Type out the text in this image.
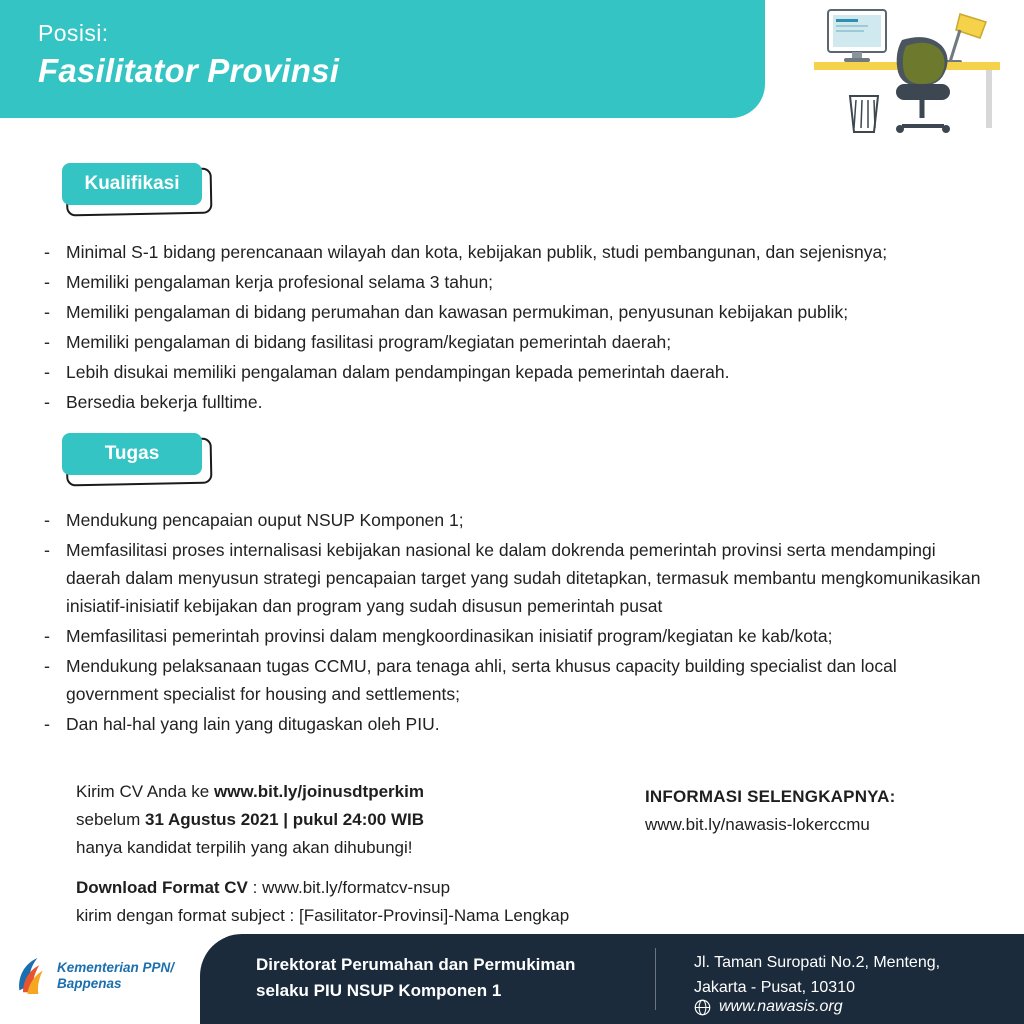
Posisi:
Fasilitator Provinsi
Kualifikasi
- Minimal S-1 bidang perencanaan wilayah dan kota, kebijakan publik, studi pembangunan, dan sejenisnya;
- Memiliki pengalaman kerja profesional selama 3 tahun;
- Memiliki pengalaman di bidang perumahan dan kawasan permukiman, penyusunan kebijakan publik;
- Memiliki pengalaman di bidang fasilitasi program/kegiatan pemerintah daerah;
- Lebih disukai memiliki pengalaman dalam pendampingan kepada pemerintah daerah.
- Bersedia bekerja fulltime.
Tugas
- Mendukung pencapaian ouput NSUP Komponen 1;
- Memfasilitasi proses internalisasi kebijakan nasional ke dalam dokrenda pemerintah provinsi serta mendampingi daerah dalam menyusun strategi pencapaian target yang sudah ditetapkan, termasuk membantu mengkomunikasikan inisiatif-inisiatif kebijakan dan program yang sudah disusun pemerintah pusat
- Memfasilitasi pemerintah provinsi dalam mengkoordinasikan inisiatif program/kegiatan ke kab/kota;
- Mendukung pelaksanaan tugas CCMU, para tenaga ahli, serta khusus capacity building specialist dan local government specialist for housing and settlements;
- Dan hal-hal yang lain yang ditugaskan oleh PIU.
Kirim CV Anda ke www.bit.ly/joinusdtperkim
sebelum 31 Agustus 2021 | pukul 24:00 WIB
hanya kandidat terpilih yang akan dihubungi!
Download Format CV : www.bit.ly/formatcv-nsup
kirim dengan format subject : [Fasilitator-Provinsi]-Nama Lengkap
INFORMASI SELENGKAPNYA:
www.bit.ly/nawasis-lokerccmu
Direktorat Perumahan dan Permukiman
selaku PIU NSUP Komponen 1
Jl. Taman Suropati No.2, Menteng,
Jakarta - Pusat, 10310
www.nawasis.org
Kementerian PPN/
Bappenas
